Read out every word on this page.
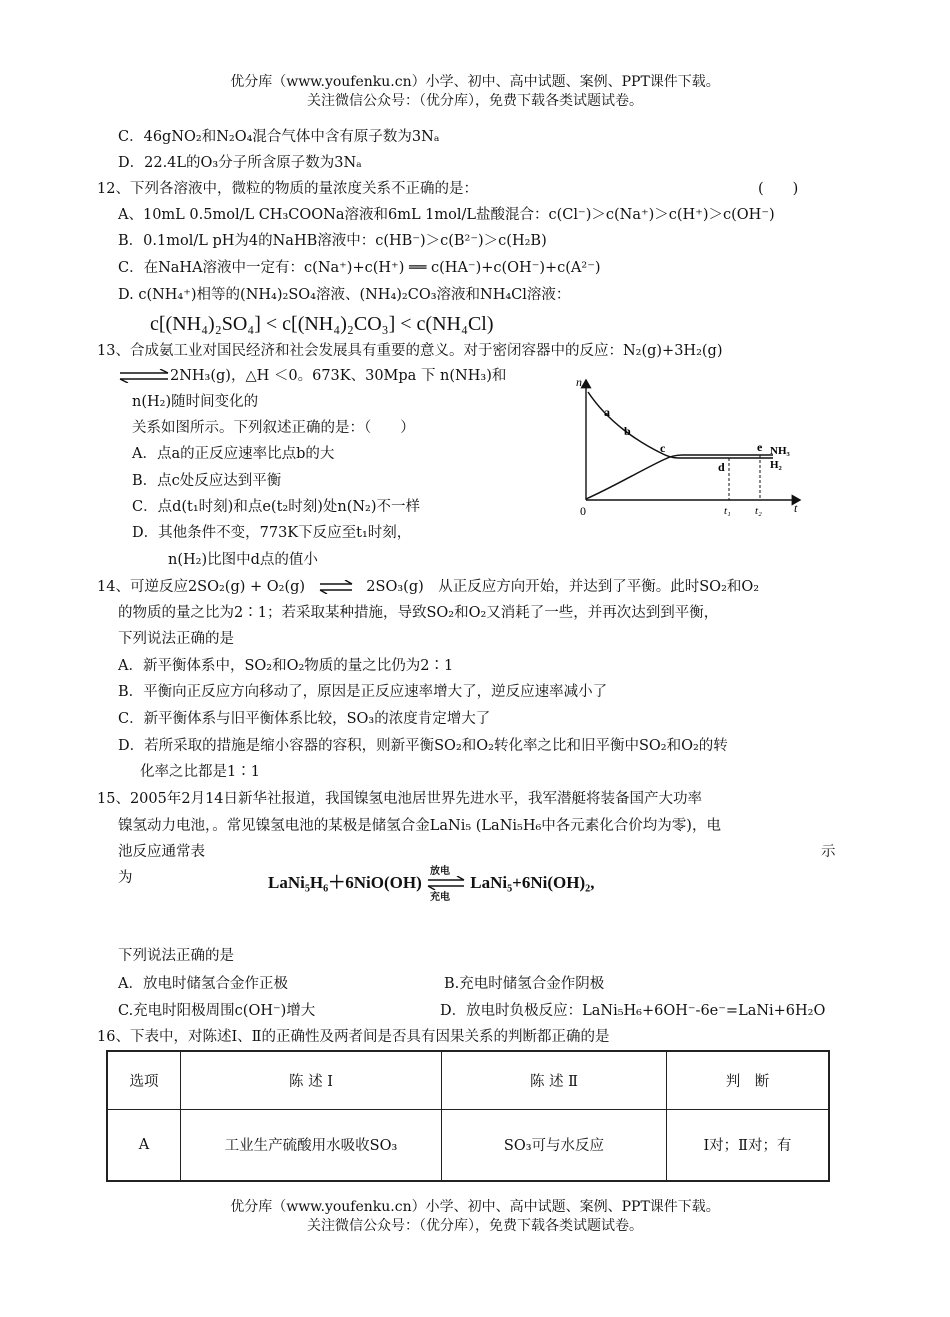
优分库（www.youfenku.cn）小学、初中、高中试题、案例、PPT课件下载。
关注微信公众号：（优分库），免费下载各类试题试卷。
C．46gNO₂和N₂O₄混合气体中含有原子数为3Nₐ
D．22.4L的O₃分子所含原子数为3Nₐ
12、下列各溶液中，微粒的物质的量浓度关系不正确的是：	(　　)
A、10mL 0.5mol/L CH₃COONa溶液和6mL 1mol/L盐酸混合：c(Cl⁻)＞c(Na⁺)＞c(H⁺)＞c(OH⁻)
B．0.1mol/L pH为4的NaHB溶液中：c(HB⁻)＞c(B²⁻)＞c(H₂B)
C．在NaHA溶液中一定有：c(Na⁺)+c(H⁺) ══ c(HA⁻)+c(OH⁻)+c(A²⁻)
D. c(NH₄⁺)相等的(NH₄)₂SO₄溶液、(NH₄)₂CO₃溶液和NH₄Cl溶液：
c[(NH₄)₂SO₄] < c[(NH₄)₂CO₃] < c(NH₄Cl)
13、合成氨工业对国民经济和社会发展具有重要的意义。对于密闭容器中的反应：N₂(g)+3H₂(g)
⇌2NH₃(g)，△H ＜0。673K、30Mpa 下 n(NH₃)和
n(H₂)随时间变化的
关系如图所示。下列叙述正确的是：（　　）
A．点a的正反应速率比点b的大
B．点c处反应达到平衡
C．点d(t₁时刻)和点e(t₂时刻)处n(N₂)不一样
D．其他条件不变，773K下反应至t₁时刻，
n(H₂)比图中d点的值小
n
t
0
a
b
c
d
e NH₃
H₂
t₁ t₂
14、可逆反应2SO₂(g) + O₂(g) ⇌ 2SO₃(g)　从正反应方向开始，并达到了平衡。此时SO₂和O₂
的物质的量之比为2∶1；若采取某种措施，导致SO₂和O₂又消耗了一些，并再次达到到平衡，
下列说法正确的是
A．新平衡体系中，SO₂和O₂物质的量之比仍为2∶1
B．平衡向正反应方向移动了，原因是正反应速率增大了，逆反应速率减小了
C．新平衡体系与旧平衡体系比较，SO₃的浓度肯定增大了
D．若所采取的措施是缩小容器的容积，则新平衡SO₂和O₂转化率之比和旧平衡中SO₂和O₂的转
化率之比都是1∶1
15、2005年2月14日新华社报道，我国镍氢电池居世界先进水平，我军潜艇将装备国产大功率
镍氢动力电池，。常见镍氢电池的某极是储氢合金LaNi₅ (LaNi₅H₆中各元素化合价均为零)，电
池反应通常表	示
为	LaNi₅H₆＋6NiO(OH)
放电
充电
LaNi₅+6Ni(OH)₂,
下列说法正确的是
A．放电时储氢合金作正极	B.充电时储氢合金作阴极
C.充电时阳极周围c(OH⁻)增大	D．放电时负极反应：LaNi₅H₆+6OH⁻-6e⁻=LaNi+6H₂O
16、下表中，对陈述Ⅰ、Ⅱ的正确性及两者间是否具有因果关系的判断都正确的是
选项	陈 述 Ⅰ	陈 述 Ⅱ	判　断
A	工业生产硫酸用水吸收SO₃	SO₃可与水反应	Ⅰ对；Ⅱ对；有
优分库（www.youfenku.cn）小学、初中、高中试题、案例、PPT课件下载。
关注微信公众号：（优分库），免费下载各类试题试卷。
